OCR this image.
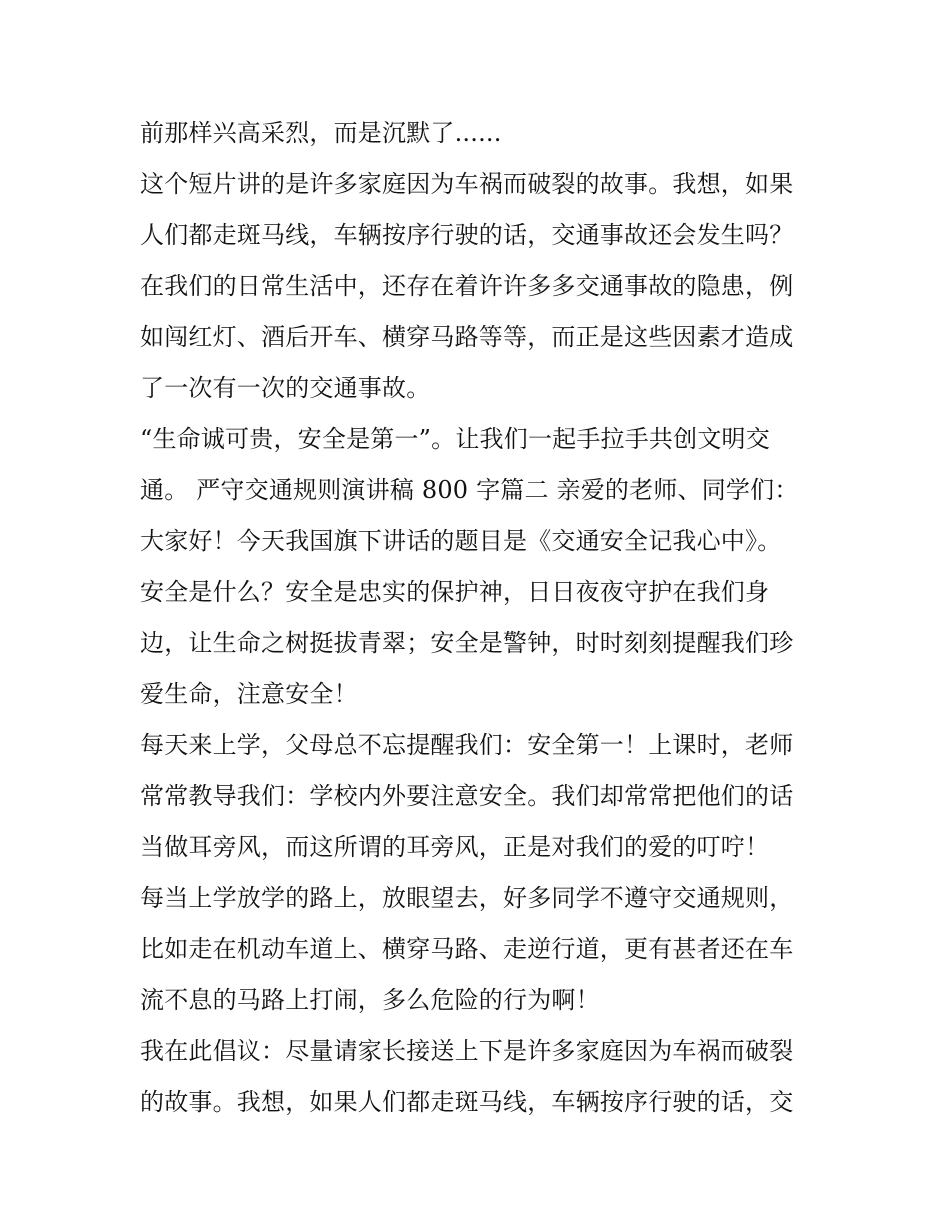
前那样兴高采烈，而是沉默了......
这个短片讲的是许多家庭因为车祸而破裂的故事。我想，如果
人们都走斑马线，车辆按序行驶的话，交通事故还会发生吗？
在我们的日常生活中，还存在着许许多多交通事故的隐患，例
如闯红灯、酒后开车、横穿马路等等，而正是这些因素才造成
了一次有一次的交通事故。
“生命诚可贵，安全是第一”。让我们一起手拉手共创文明交
通。 严守交通规则演讲稿 800 字篇二 亲爱的老师、同学们：
大家好！今天我国旗下讲话的题目是《交通安全记我心中》。
安全是什么？安全是忠实的保护神，日日夜夜守护在我们身
边，让生命之树挺拔青翠；安全是警钟，时时刻刻提醒我们珍
爱生命，注意安全！
每天来上学，父母总不忘提醒我们：安全第一！上课时，老师
常常教导我们：学校内外要注意安全。我们却常常把他们的话
当做耳旁风，而这所谓的耳旁风，正是对我们的爱的叮咛！
每当上学放学的路上，放眼望去，好多同学不遵守交通规则，
比如走在机动车道上、横穿马路、走逆行道，更有甚者还在车
流不息的马路上打闹，多么危险的行为啊！
我在此倡议：尽量请家长接送上下是许多家庭因为车祸而破裂
的故事。我想，如果人们都走斑马线，车辆按序行驶的话，交
